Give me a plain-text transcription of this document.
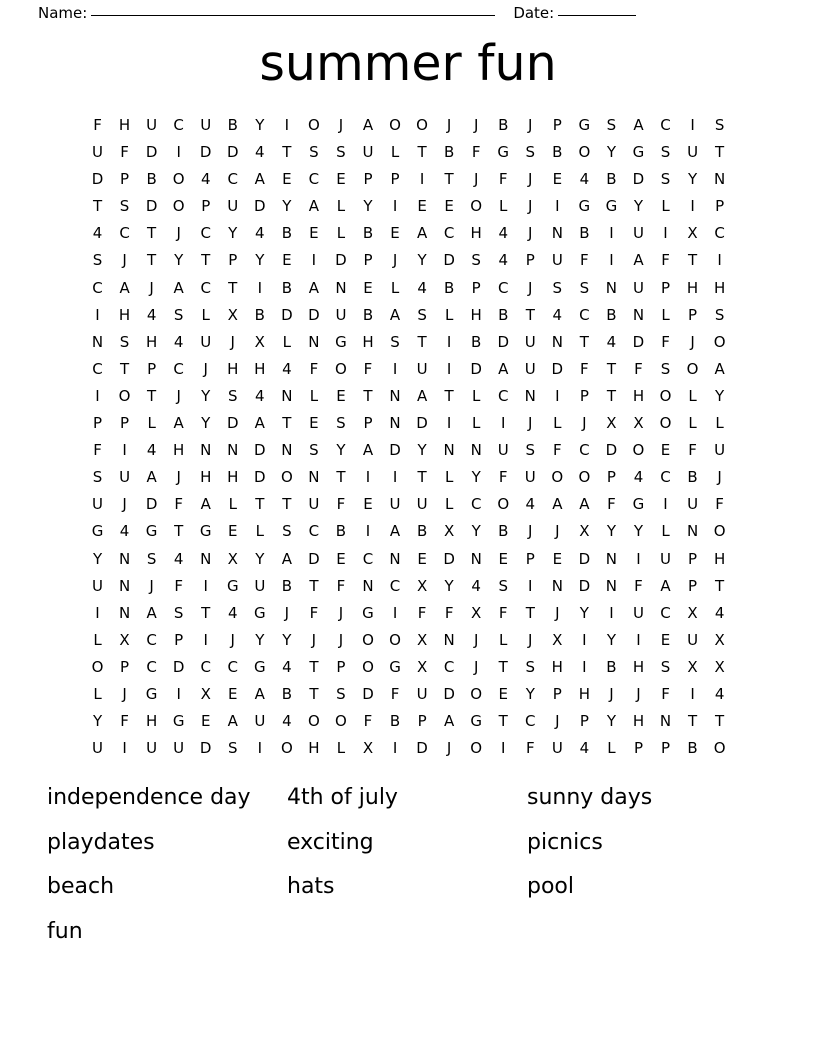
Name:	Date:
summer fun
F	H	U	C	U	B	Y	I	O	J	A	O	O	J	J	B	J	P	G	S	A	C	I	S
U	F	D	I	D	D	4	T	S	S	U	L	T	B	F	G	S	B	O	Y	G	S	U	T
D	P	B	O	4	C	A	E	C	E	P	P	I	T	J	F	J	E	4	B	D	S	Y	N
T	S	D	O	P	U	D	Y	A	L	Y	I	E	E	O	L	J	I	G	G	Y	L	I	P
4	C	T	J	C	Y	4	B	E	L	B	E	A	C	H	4	J	N	B	I	U	I	X	C
S	J	T	Y	T	P	Y	E	I	D	P	J	Y	D	S	4	P	U	F	I	A	F	T	I
C	A	J	A	C	T	I	B	A	N	E	L	4	B	P	C	J	S	S	N	U	P	H	H
I	H	4	S	L	X	B	D	D	U	B	A	S	L	H	B	T	4	C	B	N	L	P	S
N	S	H	4	U	J	X	L	N	G	H	S	T	I	B	D	U	N	T	4	D	F	J	O
C	T	P	C	J	H	H	4	F	O	F	I	U	I	D	A	U	D	F	T	F	S	O	A
I	O	T	J	Y	S	4	N	L	E	T	N	A	T	L	C	N	I	P	T	H	O	L	Y
P	P	L	A	Y	D	A	T	E	S	P	N	D	I	L	I	J	L	J	X	X	O	L	L
F	I	4	H	N	N	D	N	S	Y	A	D	Y	N	N	U	S	F	C	D	O	E	F	U
S	U	A	J	H	H	D	O	N	T	I	I	T	L	Y	F	U	O	O	P	4	C	B	J
U	J	D	F	A	L	T	T	U	F	E	U	U	L	C	O	4	A	A	F	G	I	U	F
G	4	G	T	G	E	L	S	C	B	I	A	B	X	Y	B	J	J	X	Y	Y	L	N	O
Y	N	S	4	N	X	Y	A	D	E	C	N	E	D	N	E	P	E	D	N	I	U	P	H
U	N	J	F	I	G	U	B	T	F	N	C	X	Y	4	S	I	N	D	N	F	A	P	T
I	N	A	S	T	4	G	J	F	J	G	I	F	F	X	F	T	J	Y	I	U	C	X	4
L	X	C	P	I	J	Y	Y	J	J	O	O	X	N	J	L	J	X	I	Y	I	E	U	X
O	P	C	D	C	C	G	4	T	P	O	G	X	C	J	T	S	H	I	B	H	S	X	X
L	J	G	I	X	E	A	B	T	S	D	F	U	D	O	E	Y	P	H	J	J	F	I	4
Y	F	H	G	E	A	U	4	O	O	F	B	P	A	G	T	C	J	P	Y	H	N	T	T
U	I	U	U	D	S	I	O	H	L	X	I	D	J	O	I	F	U	4	L	P	P	B	O
independence day	4th of july	sunny days
playdates	exciting	picnics
beach	hats	pool
fun
